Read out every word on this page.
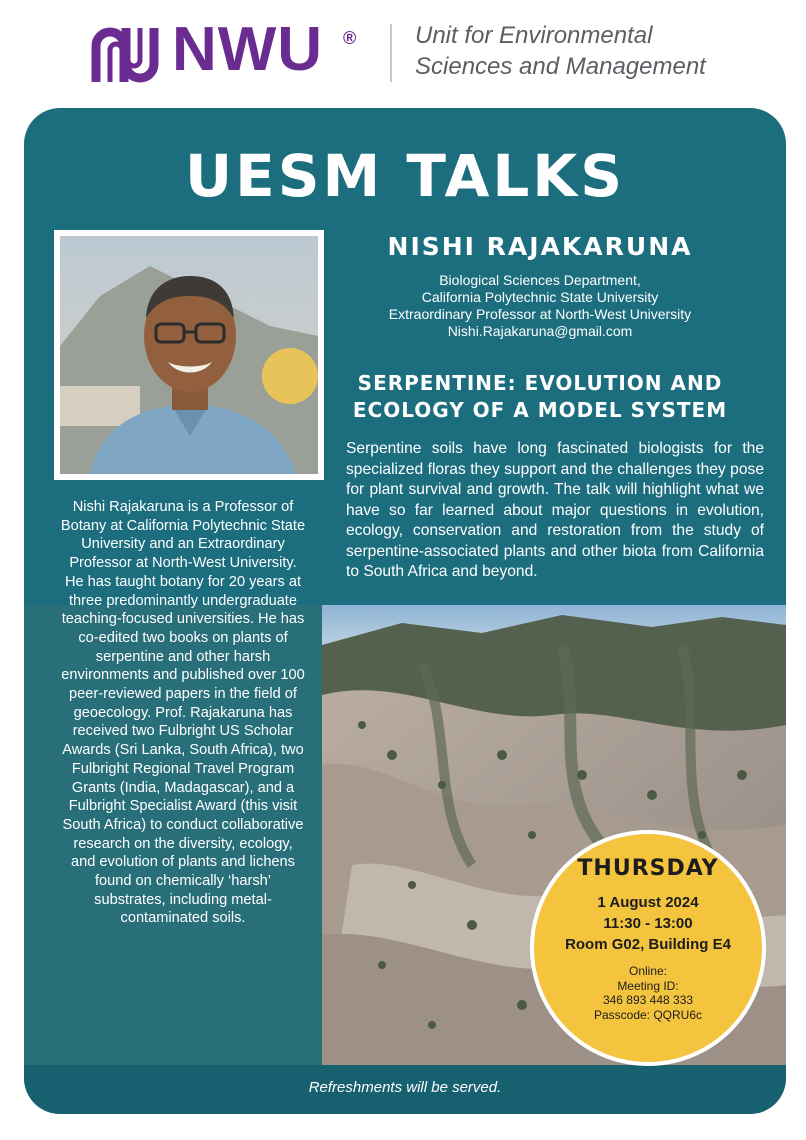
NWU ® Unit for Environmental
Sciences and Management
UESM TALKS
NISHI RAJAKARUNA
Biological Sciences Department,
California Polytechnic State University
Extraordinary Professor at North-West University
Nishi.Rajakaruna@gmail.com
SERPENTINE: EVOLUTION AND
ECOLOGY OF A MODEL SYSTEM
Serpentine soils have long fascinated biologists for the specialized floras they support and the challenges they pose for plant survival and growth. The talk will highlight what we have so far learned about major questions in evolution, ecology, conservation and restoration from the study of serpentine-associated plants and other biota from California to South Africa and beyond.
Nishi Rajakaruna is a Professor of Botany at California Polytechnic State University and an Extraordinary Professor at North-West University. He has taught botany for 20 years at three predominantly undergraduate teaching-focused universities. He has co-edited two books on plants of serpentine and other harsh environments and published over 100 peer-reviewed papers in the field of geoecology. Prof. Rajakaruna has received two Fulbright US Scholar Awards (Sri Lanka, South Africa), two Fulbright Regional Travel Program Grants (India, Madagascar), and a Fulbright Specialist Award (this visit South Africa) to conduct collaborative research on the diversity, ecology, and evolution of plants and lichens found on chemically ‘harsh’ substrates, including metal-contaminated soils.
THURSDAY
1 August 2024
11:30 - 13:00
Room G02, Building E4
Online:
Meeting ID:
346 893 448 333
Passcode: QQRU6c
Refreshments will be served.
